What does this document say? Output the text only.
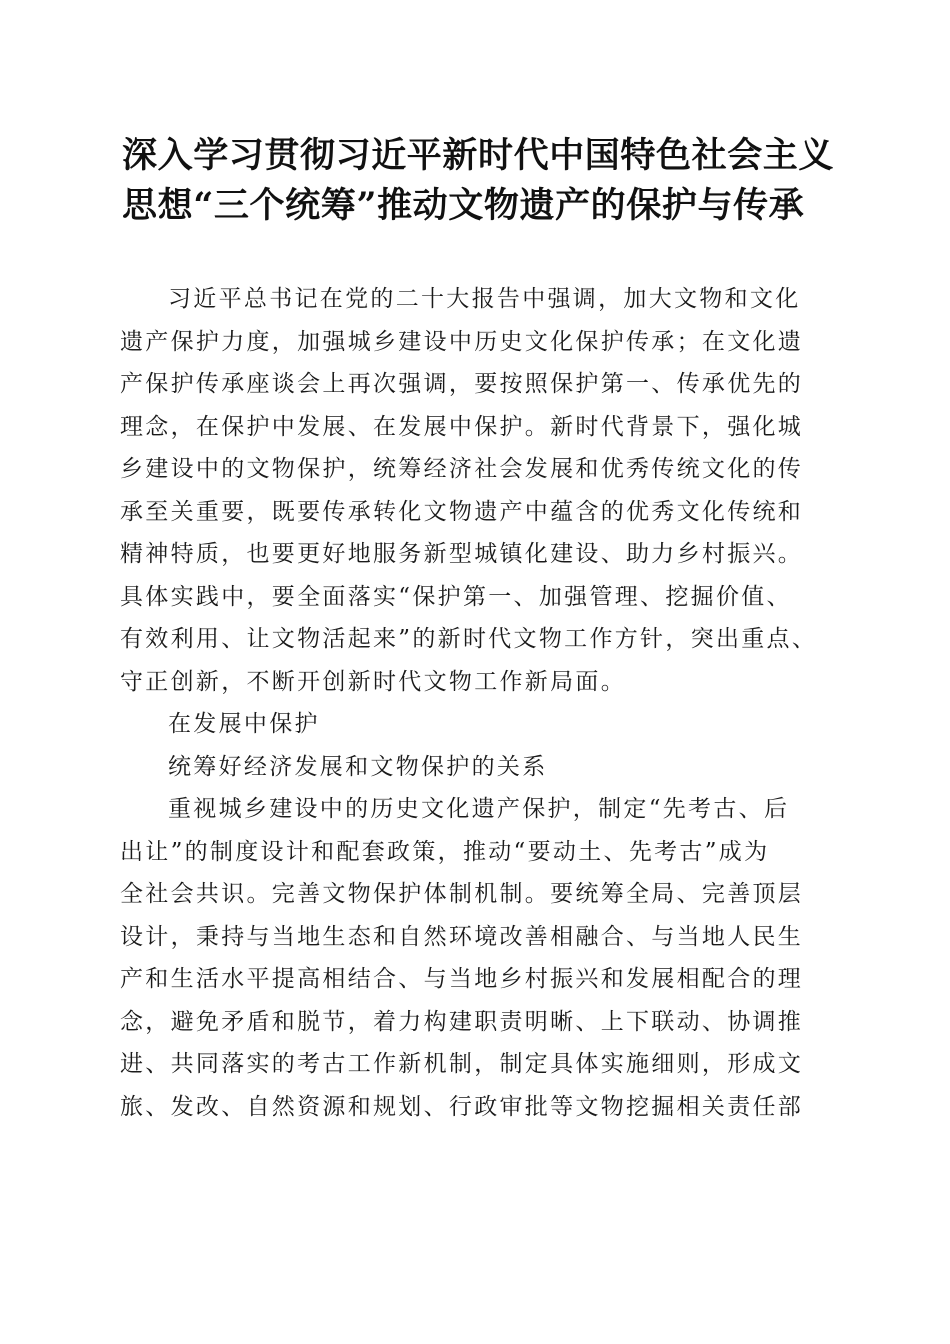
深入学习贯彻习近平新时代中国特色社会主义
思想“三个统筹”推动文物遗产的保护与传承
习近平总书记在党的二十大报告中强调，加大文物和文化
遗产保护力度，加强城乡建设中历史文化保护传承；在文化遗
产保护传承座谈会上再次强调，要按照保护第一、传承优先的
理念，在保护中发展、在发展中保护。新时代背景下，强化城
乡建设中的文物保护，统筹经济社会发展和优秀传统文化的传
承至关重要，既要传承转化文物遗产中蕴含的优秀文化传统和
精神特质，也要更好地服务新型城镇化建设、助力乡村振兴。
具体实践中，要全面落实“保护第一、加强管理、挖掘价值、
有效利用、让文物活起来”的新时代文物工作方针，突出重点、
守正创新，不断开创新时代文物工作新局面。
在发展中保护
统筹好经济发展和文物保护的关系
重视城乡建设中的历史文化遗产保护，制定“先考古、后
出让”的制度设计和配套政策，推动“要动土、先考古”成为
全社会共识。完善文物保护体制机制。要统筹全局、完善顶层
设计，秉持与当地生态和自然环境改善相融合、与当地人民生
产和生活水平提高相结合、与当地乡村振兴和发展相配合的理
念，避免矛盾和脱节，着力构建职责明晰、上下联动、协调推
进、共同落实的考古工作新机制，制定具体实施细则，形成文
旅、发改、自然资源和规划、行政审批等文物挖掘相关责任部
